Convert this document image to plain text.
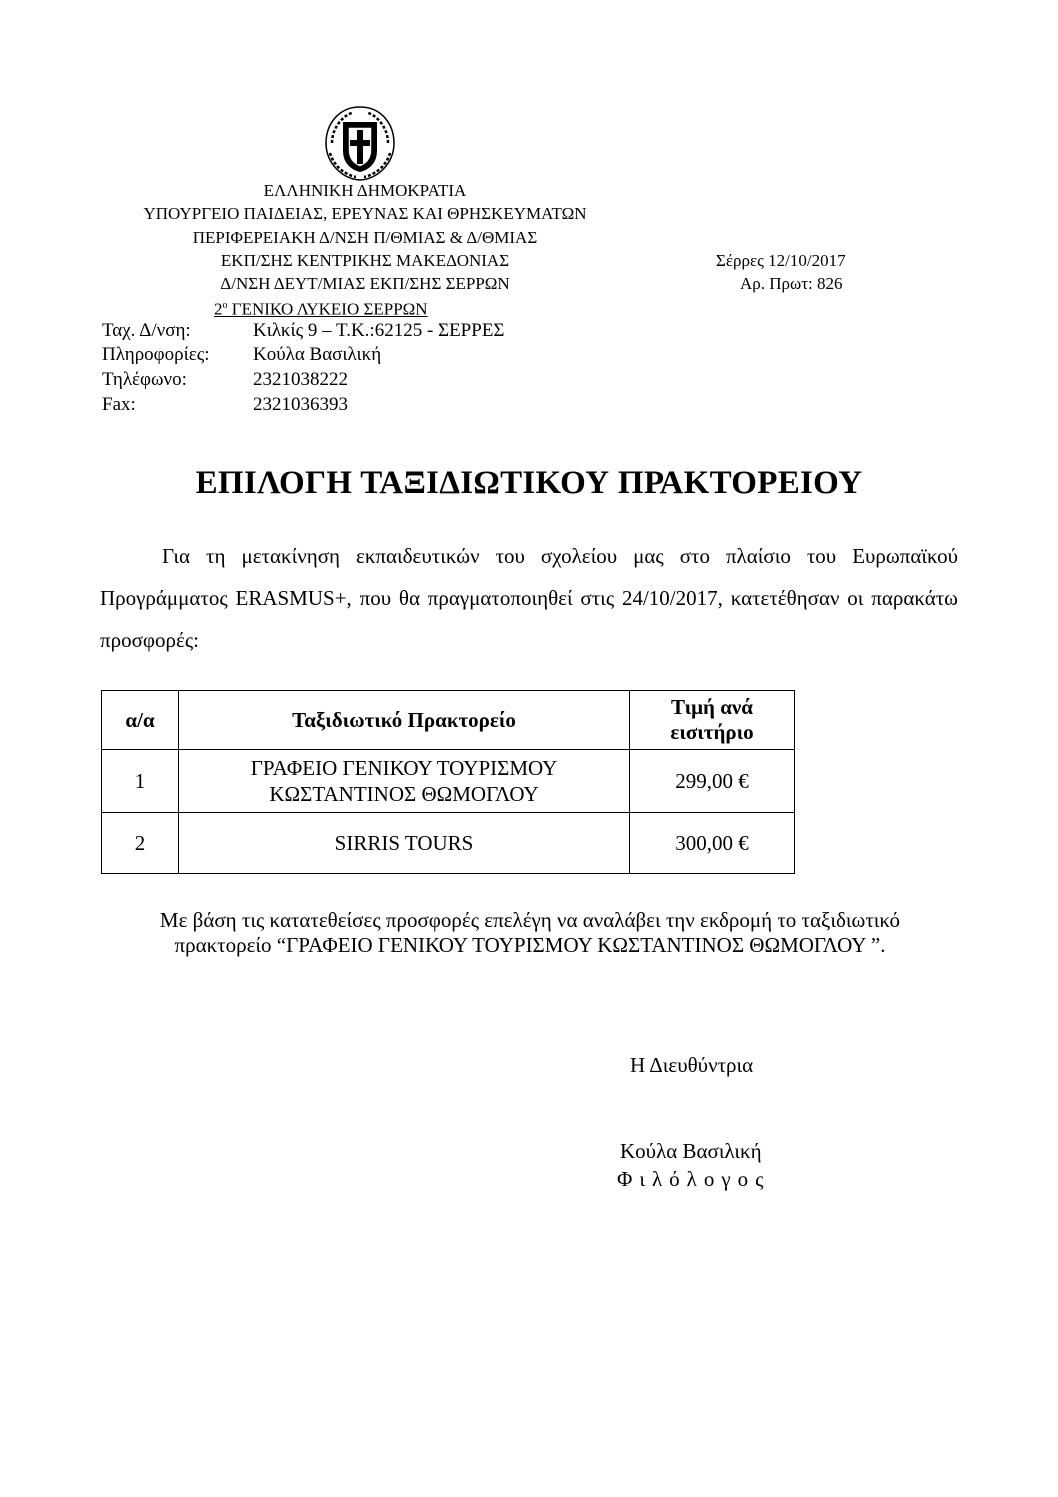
ΕΛΛΗΝΙΚΗ ΔΗΜΟΚΡΑΤΙΑ
ΥΠΟΥΡΓΕΙΟ ΠΑΙΔΕΙΑΣ, ΕΡΕΥΝΑΣ ΚΑΙ ΘΡΗΣΚΕΥΜΑΤΩΝ
ΠΕΡΙΦΕΡΕΙΑΚΗ Δ/ΝΣΗ Π/ΘΜΙΑΣ & Δ/ΘΜΙΑΣ
ΕΚΠ/ΣΗΣ ΚΕΝΤΡΙΚΗΣ ΜΑΚΕΔΟΝΙΑΣ
Δ/ΝΣΗ ΔΕΥΤ/ΜΙΑΣ ΕΚΠ/ΣΗΣ ΣΕΡΡΩΝ
$2^o$ ΓΕΝΙΚΟ ΛΥΚΕΙΟ ΣΕΡΡΩΝ
Σέρρες 12/10/2017
Αρ. Πρωτ: 826
Ταχ. Δ/νση:	Κιλκίς 9 – Τ.Κ.:62125 - ΣΕΡΡΕΣ
Πληροφορίες: Κούλα Βασιλική
Τηλέφωνο:	2321038222
Fax:	2321036393
ΕΠΙΛΟΓΗ ΤΑΞΙΔΙΩΤΙΚΟΥ ΠΡΑΚΤΟΡΕΙΟΥ
Για τη μετακίνηση εκπαιδευτικών του σχολείου μας στο πλαίσιο του Ευρωπαϊκού Προγράμματος ERASMUS+, που θα πραγματοποιηθεί στις 24/10/2017, κατετέθησαν οι παρακάτω προσφορές:
α/α	Ταξιδιωτικό Πρακτορείο	Τιμή ανά
εισιτήριο
1	ΓΡΑΦΕΙΟ ΓΕΝΙΚΟΥ ΤΟΥΡΙΣΜΟΥ
ΚΩΣΤΑΝΤΙΝΟΣ ΘΩΜΟΓΛΟΥ	299,00 €
2	SIRRIS TOURS	300,00 €
Με βάση τις κατατεθείσες προσφορές επελέγη να αναλάβει την εκδρομή το ταξιδιωτικό πρακτορείο “ΓΡΑΦΕΙΟ ΓΕΝΙΚΟΥ ΤΟΥΡΙΣΜΟΥ ΚΩΣΤΑΝΤΙΝΟΣ ΘΩΜΟΓΛΟΥ ”.
Η Διευθύντρια
Κούλα Βασιλική
Φιλόλογος
